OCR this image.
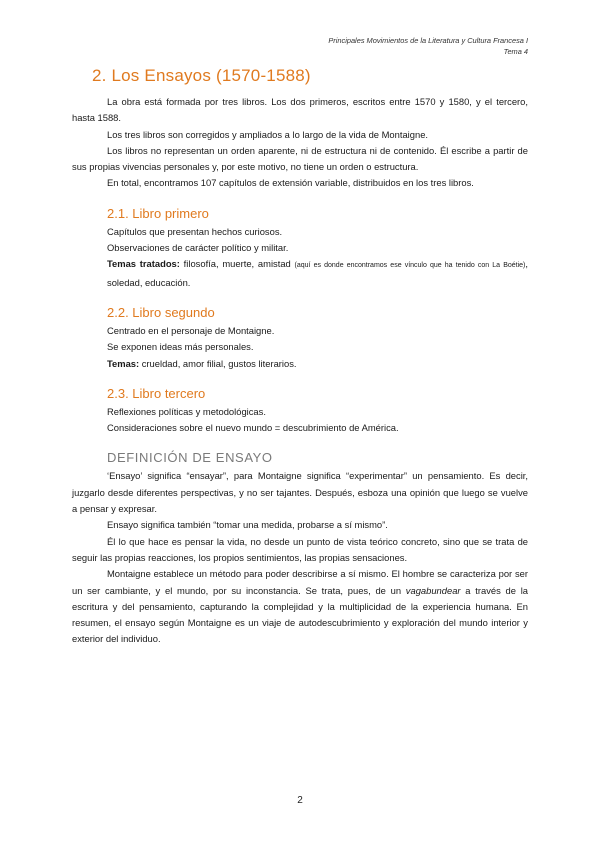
Principales Movimientos de la Literatura y Cultura Francesa I
Tema 4
2. Los Ensayos (1570-1588)

La obra está formada por tres libros. Los dos primeros, escritos entre 1570 y 1580, y el tercero, hasta 1588.

Los tres libros son corregidos y ampliados a lo largo de la vida de Montaigne.

Los libros no representan un orden aparente, ni de estructura ni de contenido. Él escribe a partir de sus propias vivencias personales y, por este motivo, no tiene un orden o estructura.

En total, encontramos 107 capítulos de extensión variable, distribuidos en los tres libros.

2.1. Libro primero

Capítulos que presentan hechos curiosos.

Observaciones de carácter político y militar.

Temas tratados: filosofía, muerte, amistad (aquí es donde encontramos ese vínculo que ha tenido con La Boétie), soledad, educación.

2.2. Libro segundo

Centrado en el personaje de Montaigne.

Se exponen ideas más personales.

Temas: crueldad, amor filial, gustos literarios.

2.3. Libro tercero

Reflexiones políticas y metodológicas.

Consideraciones sobre el nuevo mundo = descubrimiento de América.

DEFINICIÓN DE ENSAYO

‘Ensayo’ significa “ensayar”, para Montaigne significa “experimentar” un pensamiento. Es decir, juzgarlo desde diferentes perspectivas, y no ser tajantes. Después, esboza una opinión que luego se vuelve a pensar y expresar.

Ensayo significa también “tomar una medida, probarse a sí mismo”.

Él lo que hace es pensar la vida, no desde un punto de vista teórico concreto, sino que se trata de seguir las propias reacciones, los propios sentimientos, las propias sensaciones.

Montaigne establece un método para poder describirse a sí mismo. El hombre se caracteriza por ser un ser cambiante, y el mundo, por su inconstancia. Se trata, pues, de un vagabundear a través de la escritura y del pensamiento, capturando la complejidad y la multiplicidad de la experiencia humana. En resumen, el ensayo según Montaigne es un viaje de autodescubrimiento y exploración del mundo interior y exterior del individuo.

2
